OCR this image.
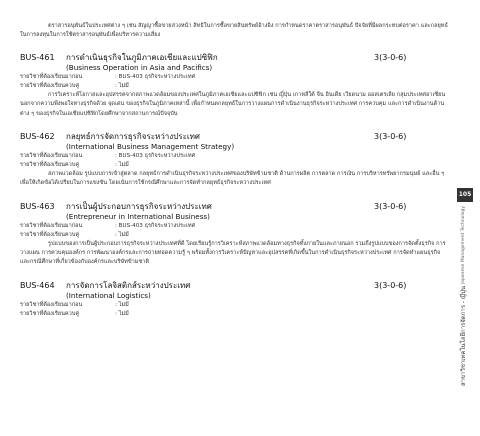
ตราสารอนุพันธ์ในประเทศต่าง ๆ เช่น สัญญาซื้อขายล่วงหน้า สิทธิในการซื้อขายสินทรัพย์อ้างอิง การกำหนดราคาตราสารอนุพันธ์ ปัจจัยที่มีผลกระทบต่อราคา และกลยุทธ์ในการลงทุนในการใช้ตราสารอนุพันธ์เพื่อบริหารความเสี่ยง
BUS-461	การดำเนินธุรกิจในภูมิภาคเอเชียและแปซิฟิก	3(3-0-6)
(Business Operation in Asia and Pacifics)
รายวิชาที่ต้องเรียนมาก่อน	: BUS-403 ธุรกิจระหว่างประเทศ
รายวิชาที่ต้องเรียนควบคู่	: ไม่มี
การวิเคราะห์โอกาสและอุปสรรคจากสภาพแวดล้อมของประเทศในภูมิภาคเอเชียและแปซิฟิก เช่น ญี่ปุ่น เกาหลีใต้ จีน อินเดีย เวียดนาม ออสเตรเลีย กลุ่มประเทศอาเซียนนอกจากความพึงพอใจทางธุรกิจด้วย จุดเด่น ของธุรกิจในภูมิภาคเหล่านี้ เพื่อกำหนดกลยุทธ์ในการวางแผนการดำเนินงานธุรกิจระหว่างประเทศ การควบคุม และการดำเนินงานด้านต่าง ๆ ของธุรกิจในเอเชียแปซิฟิกโดยศึกษาจากสถานการณ์ปัจจุบัน
BUS-462	กลยุทธ์การจัดการธุรกิจระหว่างประเทศ	3(3-0-6)
(International Business Management Strategy)
รายวิชาที่ต้องเรียนมาก่อน	: BUS-403 ธุรกิจระหว่างประเทศ
รายวิชาที่ต้องเรียนควบคู่	: ไม่มี
สภาพแวดล้อม รูปแบบการเข้าสู่ตลาด กลยุทธ์การดำเนินธุรกิจระหว่างประเทศของบริษัทข้ามชาติ ด้านการผลิต การตลาด การเงิน การบริหารทรัพยากรมนุษย์ และอื่น ๆ เพื่อให้เกิดข้อได้เปรียบในการแข่งขัน โดยเน้นการใช้กรณีศึกษาและการจัดทำกลยุทธ์ธุรกิจระหว่างประเทศ
BUS-463	การเป็นผู้ประกอบการธุรกิจระหว่างประเทศ	3(3-0-6)
(Entrepreneur in International Business)
รายวิชาที่ต้องเรียนมาก่อน	: BUS-403 ธุรกิจระหว่างประเทศ
รายวิชาที่ต้องเรียนควบคู่	: ไม่มี
รูปแบบของการเป็นผู้ประกอบการธุรกิจระหว่างประเทศที่ดี โดยเรียนรู้การวิเคราะห์สภาพแวดล้อมทางธุรกิจทั้งภายในและภายนอก รวมถึงรูปแบบของการจัดตั้งธุรกิจ การวางแผน การควบคุมองค์กร การพัฒนาองค์กรและการถ่ายทอดความรู้ ๆ พร้อมทั้งการวิเคราะห์ปัญหาและอุปสรรคที่เกิดขึ้นในการดำเนินธุรกิจระหว่างประเทศ การจัดทำแผนธุรกิจ และกรณีศึกษาที่เกี่ยวข้องกับองค์กรและบริษัทข้ามชาติ
BUS-464	การจัดการโลจิสติกส์ระหว่างประเทศ	3(3-0-6)
(International Logistics)
รายวิชาที่ต้องเรียนมาก่อน	: ไม่มี
รายวิชาที่ต้องเรียนควบคู่	: ไม่มี
105
สาขาวิชาเทคโนโลยีการจัดการ - ญี่ปุ่น Japanese Management Technology
